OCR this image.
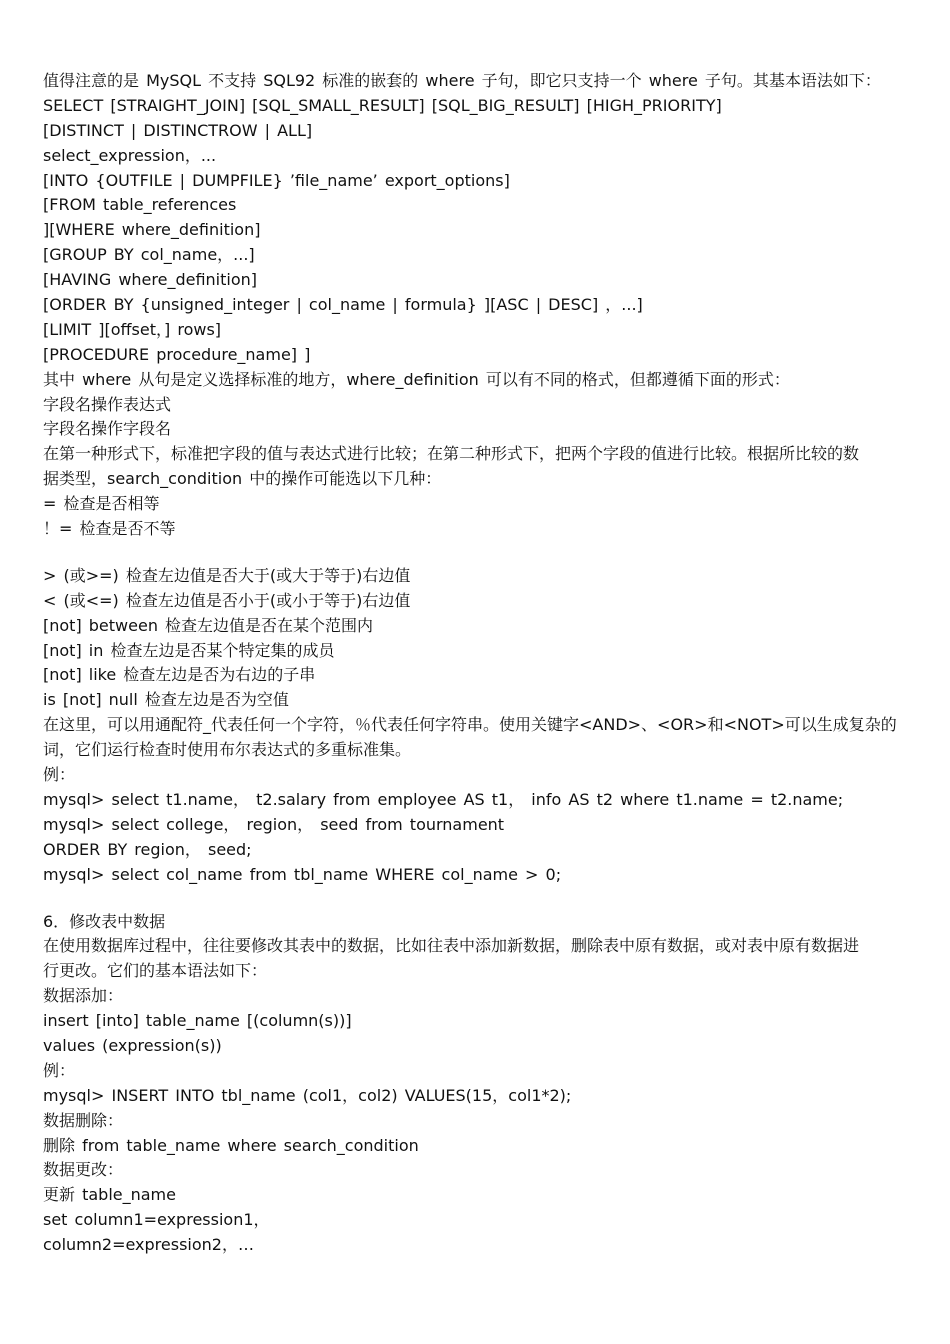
值得注意的是 MySQL 不支持 SQL92 标准的嵌套的 where 子句，即它只支持一个 where 子句。其基本语法如下：
SELECT [STRAIGHT_JOIN] [SQL_SMALL_RESULT] [SQL_BIG_RESULT] [HIGH_PRIORITY]
[DISTINCT | DISTINCTROW | ALL]
select_expression，...
[INTO {OUTFILE | DUMPFILE} ’file_name’ export_options]
[FROM table_references
][WHERE where_definition]
[GROUP BY col_name，...]
[HAVING where_definition]
[ORDER BY {unsigned_integer | col_name | formula} ][ASC | DESC] ，...]
[LIMIT ][offset，] rows]
[PROCEDURE procedure_name] ]
其中 where 从句是定义选择标准的地方，where_definition 可以有不同的格式，但都遵循下面的形式：
字段名操作表达式
字段名操作字段名
在第一种形式下，标准把字段的值与表达式进行比较；在第二种形式下，把两个字段的值进行比较。根据所比较的数
据类型，search_condition 中的操作可能选以下几种：
= 检查是否相等
！= 检查是否不等
> (或>=) 检查左边值是否大于(或大于等于)右边值
< (或<=) 检查左边值是否小于(或小于等于)右边值
[not] between 检查左边值是否在某个范围内
[not] in 检查左边是否某个特定集的成员
[not] like 检查左边是否为右边的子串
is [not] null 检查左边是否为空值
在这里，可以用通配符_代表任何一个字符，％代表任何字符串。使用关键字<AND>、<OR>和<NOT>可以生成复杂的
词，它们运行检查时使用布尔表达式的多重标准集。
例：
mysql> select t1.name， t2.salary from employee AS t1， info AS t2 where t1.name = t2.name;
mysql> select college， region， seed from tournament
ORDER BY region， seed;
mysql> select col_name from tbl_name WHERE col_name > 0;
6．修改表中数据
在使用数据库过程中，往往要修改其表中的数据，比如往表中添加新数据，删除表中原有数据，或对表中原有数据进
行更改。它们的基本语法如下：
数据添加：
insert [into] table_name [(column(s))]
values (expression(s))
例：
mysql> INSERT INTO tbl_name (col1，col2) VALUES(15，col1*2);
数据删除：
删除 from table_name where search_condition
数据更改：
更新 table_name
set column1=expression1，
column2=expression2，…
